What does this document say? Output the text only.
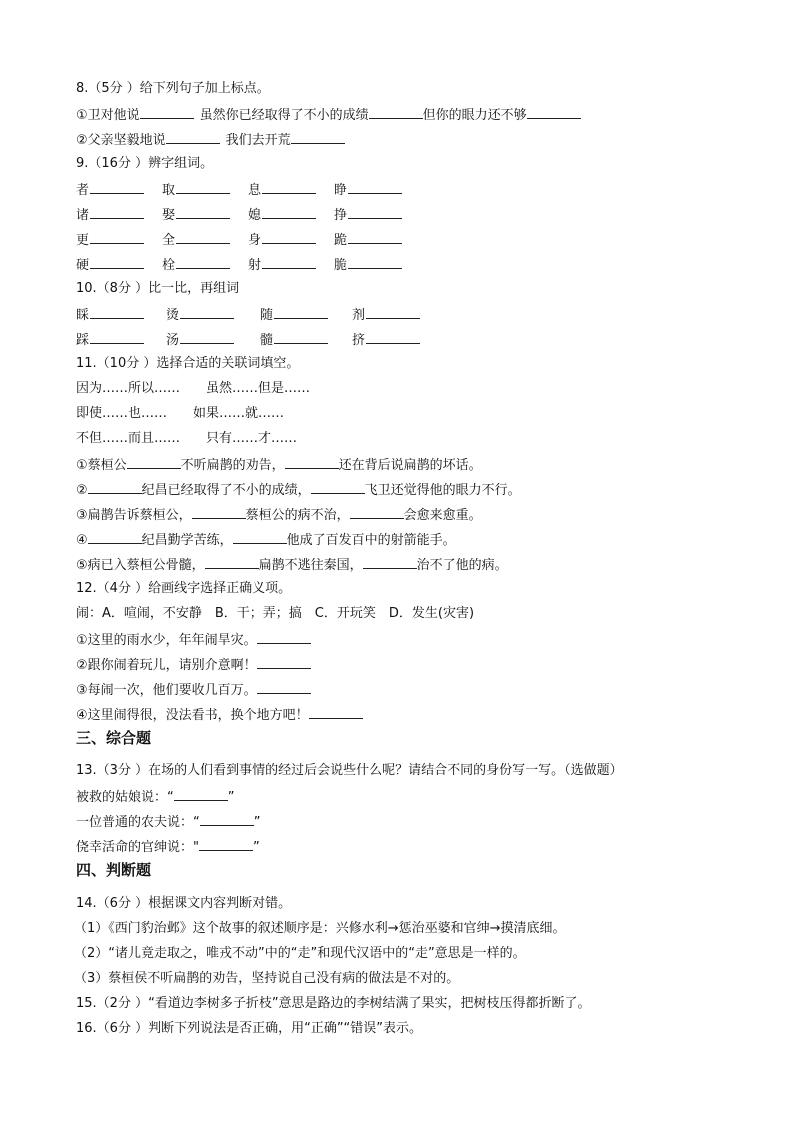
8.（5分 ）给下列句子加上标点。
①卫对他说	虽然你已经取得了不小的成绩	但你的眼力还不够
②父亲坚毅地说	我们去开荒
9.（16分 ）辨字组词。
者	取	息	睁
诸	娶	媳	挣
更	全	身	跪
硬	栓	射	脆
10.（8分 ）比一比，再组词
睬	烫	随	剂
踩	汤	髓	挤
11.（10分 ）选择合适的关联词填空。
因为……所以…… 虽然……但是……
即使……也…… 如果……就……
不但……而且…… 只有……才……
①蔡桓公	不听扁鹊的劝告，	还在背后说扁鹊的坏话。
②	纪昌已经取得了不小的成绩，	飞卫还觉得他的眼力不行。
③扁鹊告诉蔡桓公，	蔡桓公的病不治，	会愈来愈重。
④	纪昌勤学苦练，	他成了百发百中的射箭能手。
⑤病已入蔡桓公骨髓，	扁鹊不逃往秦国，	治不了他的病。
12.（4分 ）给画线字选择正确义项。
闹：A．喧闹，不安静　B．干；弄；搞　C．开玩笑　D．发生(灾害)
①这里的雨水少，年年闹旱灾。
②跟你闹着玩儿，请别介意啊！
③每闹一次，他们要收几百万。
④这里闹得很，没法看书，换个地方吧！
三、综合题
13.（3分 ）在场的人们看到事情的经过后会说些什么呢？请结合不同的身份写一写。（选做题）
被救的姑娘说：“	”
一位普通的农夫说：“	”
侥幸活命的官绅说："	”
四、判断题
14.（6分 ）根据课文内容判断对错。
（1）《西门豹治邺》这个故事的叙述顺序是：兴修水利→惩治巫婆和官绅→摸清底细。
（2）“诸儿竟走取之，唯戎不动”中的“走”和现代汉语中的“走”意思是一样的。
（3）蔡桓侯不听扁鹊的劝告，坚持说自己没有病的做法是不对的。
15.（2分 ）“看道边李树多子折枝”意思是路边的李树结满了果实，把树枝压得都折断了。
16.（6分 ）判断下列说法是否正确，用“正确”“错误”表示。
